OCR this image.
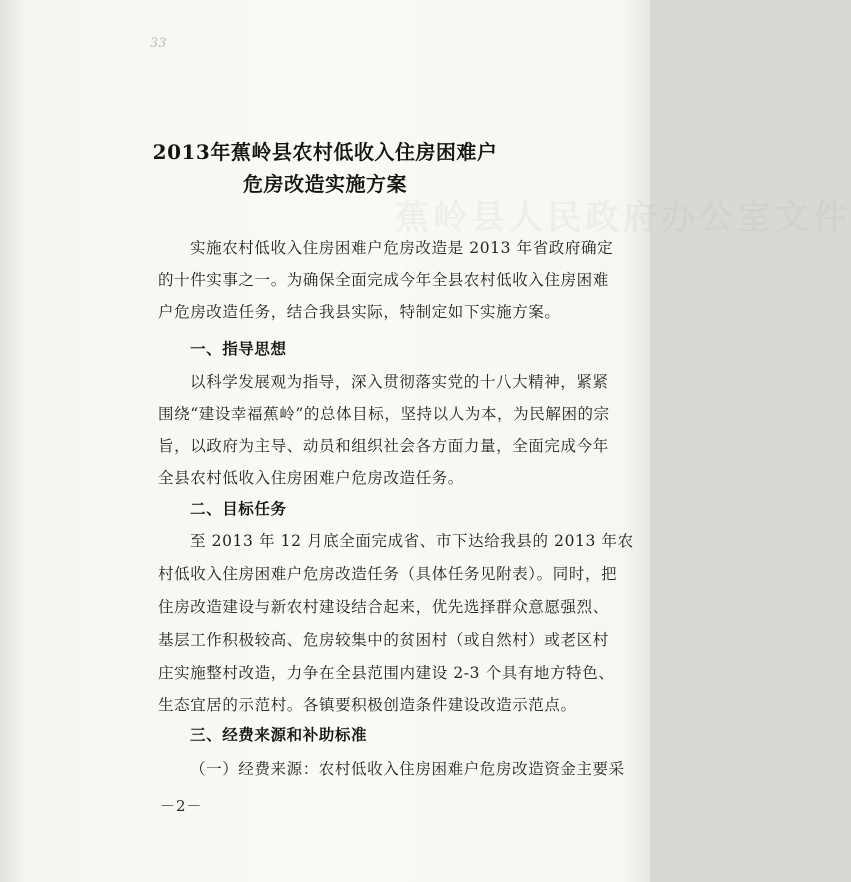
蕉岭县人民政府办公室文件
33
2013年蕉岭县农村低收入住房困难户
危房改造实施方案
实施农村低收入住房困难户危房改造是 2013 年省政府确定
的十件实事之一。为确保全面完成今年全县农村低收入住房困难
户危房改造任务，结合我县实际，特制定如下实施方案。
一、指导思想
以科学发展观为指导，深入贯彻落实党的十八大精神，紧紧
围绕“建设幸福蕉岭”的总体目标，坚持以人为本，为民解困的宗
旨，以政府为主导、动员和组织社会各方面力量，全面完成今年
全县农村低收入住房困难户危房改造任务。
二、目标任务
至 2013 年 12 月底全面完成省、市下达给我县的 2013 年农
村低收入住房困难户危房改造任务（具体任务见附表）。同时，把
住房改造建设与新农村建设结合起来，优先选择群众意愿强烈、
基层工作积极较高、危房较集中的贫困村（或自然村）或老区村
庄实施整村改造，力争在全县范围内建设 2-3 个具有地方特色、
生态宜居的示范村。各镇要积极创造条件建设改造示范点。
三、经费来源和补助标准
（一）经费来源：农村低收入住房困难户危房改造资金主要采
－2－
